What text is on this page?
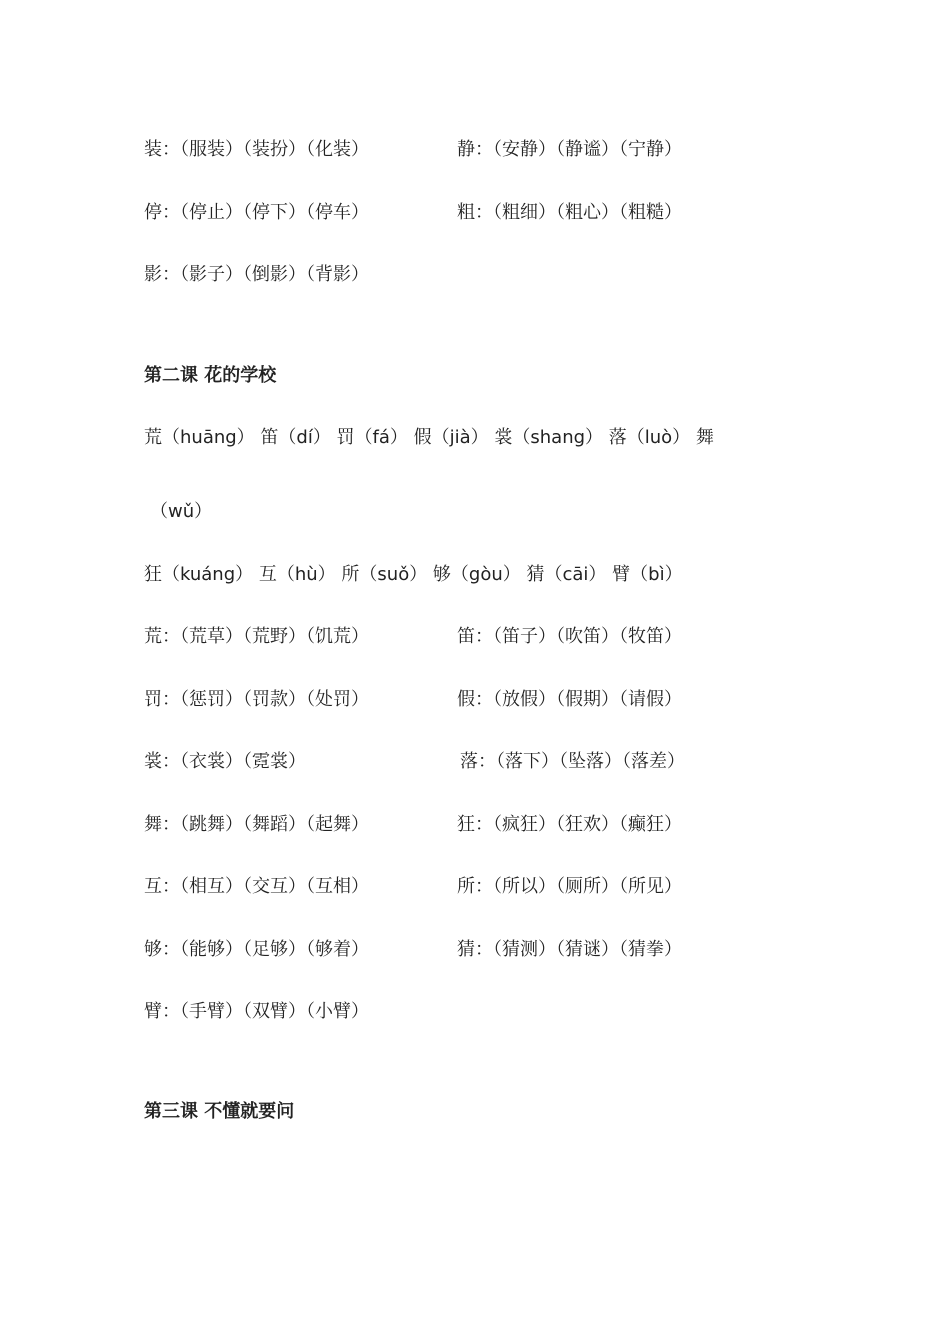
装：（服装）（装扮）（化装）	静：（安静）（静谧）（宁静）
停：（停止）（停下）（停车）	粗：（粗细）（粗心）（粗糙）
影：（影子）（倒影）（背影）
第二课 花的学校
荒（huāng） 笛（dí） 罚（fá） 假（jià） 裳（shang） 落（luò） 舞
（wǔ）
狂（kuáng） 互（hù） 所（suǒ） 够（gòu） 猜（cāi） 臂（bì）
荒：（荒草）（荒野）（饥荒）	笛：（笛子）（吹笛）（牧笛）
罚：（惩罚）（罚款）（处罚）	假：（放假）（假期）（请假）
裳：（衣裳）（霓裳）	落：（落下）（坠落）（落差）
舞：（跳舞）（舞蹈）（起舞）	狂：（疯狂）（狂欢）（癫狂）
互：（相互）（交互）（互相）	所：（所以）（厕所）（所见）
够：（能够）（足够）（够着）	猜：（猜测）（猜谜）（猜拳）
臂：（手臂）（双臂）（小臂）
第三课 不懂就要问
